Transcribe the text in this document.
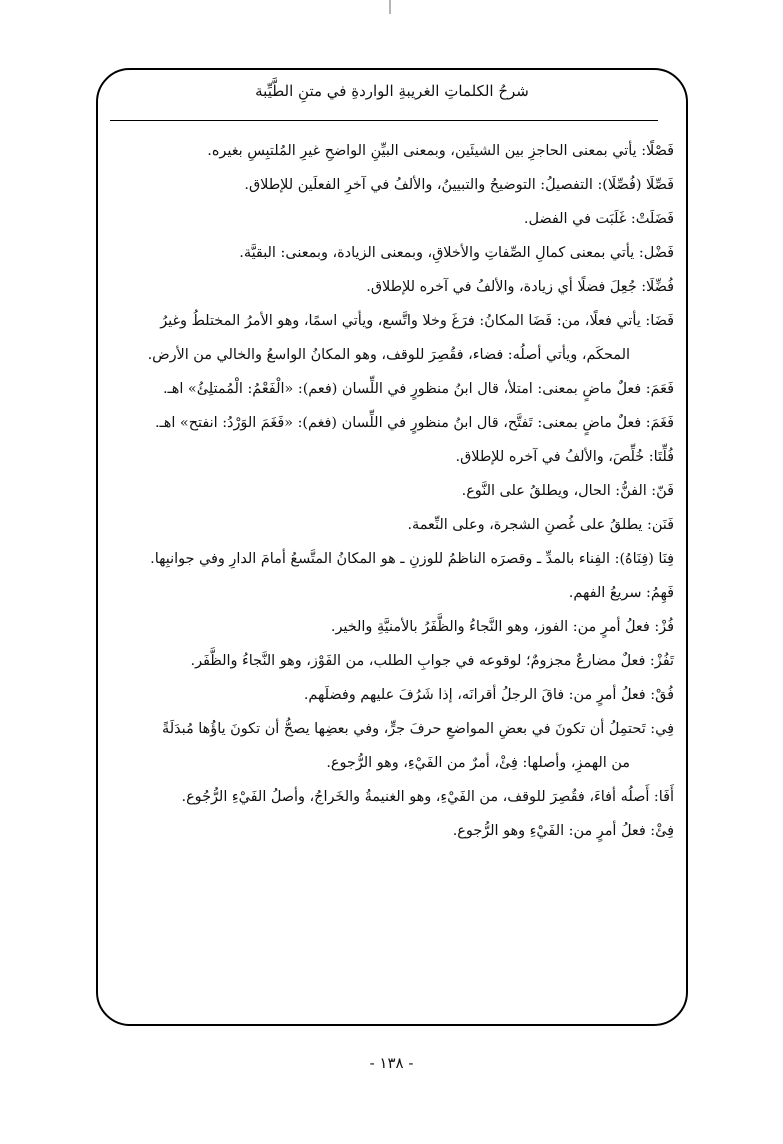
شرحُ الكلماتِ الغريبةِ الواردةِ في متنِ الطَّيِّبة

فَصْلًا: يأتي بمعنى الحاجزِ بين الشيئَين، وبمعنى البيِّنِ الواضحِ غيرِ المُلتبِسِ بغيره.

فَصِّلَا (فُصِّلَا): التفصيلُ: التوضيحُ والتبيينُ، والألفُ في آخرِ الفعلَين للإطلاق.

فَضَلَتْ: غَلَبَت في الفضل.

فَضْل: يأتي بمعنى كمالِ الصِّفاتِ والأخلاقِ، وبمعنى الزيادة، وبمعنى: البقيَّة.

فُضِّلَا: جُعِلَ فضلًا أي زيادة، والألفُ في آخره للإطلاق.

فَضَا: يأتي فعلًا، من: فَضَا المكانُ: فرَغَ وخلا واتَّسع، ويأتي اسمًا، وهو الأمرُ المختلطُ وغيرُ
المحكَم، ويأتي أصلُه: فضاء، فقُصِرَ للوقف، وهو المكانُ الواسعُ والخالي من الأرض.

فَعَمَ: فعلٌ ماضٍ بمعنى: امتلأ، قال ابنُ منظورٍ في اللِّسان (فعم): «الْفَعْمُ: الْمُمتلِئُ» اهـ.

فَغَمَ: فعلٌ ماضٍ بمعنى: تَفتَّح، قال ابنُ منظورٍ في اللِّسان (فغم): «فَغَمَ الوَرْدُ: انفتح» اهـ.

فُلِّتَا: خُلِّصَ، والألفُ في آخره للإطلاق.

فَنّ: الفنُّ: الحال، ويطلقُ على النَّوع.

فَنَن: يطلقُ على غُصنِ الشجرة، وعلى النِّعمة.

فِنَا (فِنَاهُ): الفِناء بالمدِّ ـ وقصرَه الناظمُ للوزنِ ـ هو المكانُ المتَّسعُ أمامَ الدارِ وفي جوانبِها.

فَهِمُ: سريعُ الفهم.

فُزْ: فعلُ أمرٍ من: الفوز، وهو النَّجاءُ والظَّفَرُ بالأمنيَّةِ والخير.

تَفُزْ: فعلٌ مضارعٌ مجزومٌ؛ لوقوعه في جوابِ الطلب، من الفَوْز، وهو النَّجاءُ والظَّفَر.

فُقْ: فعلُ أمرٍ من: فاقَ الرجلُ أقرانَه، إذا شَرُفَ عليهم وفضلَهم.

فِي: تَحتمِلُ أن تكونَ في بعضِ المواضعِ حرفَ جرٍّ، وفي بعضِها يصحُّ أن تكونَ ياؤُها مُبدَلَةً
من الهمزِ، وأصلها: فِئْ، أمرٌ من الفَيْءِ، وهو الرُّجوع.

أَفَا: أَصلُه أفاءَ، فقُصِرَ للوقف، من الفَيْءِ، وهو الغنيمةُ والخَراجُ، وأصلُ الفَيْءِ الرُّجُوع.

فِئْ: فعلُ أمرٍ من: الفَيْءِ وهو الرُّجوع.

- ١٣٨ -
